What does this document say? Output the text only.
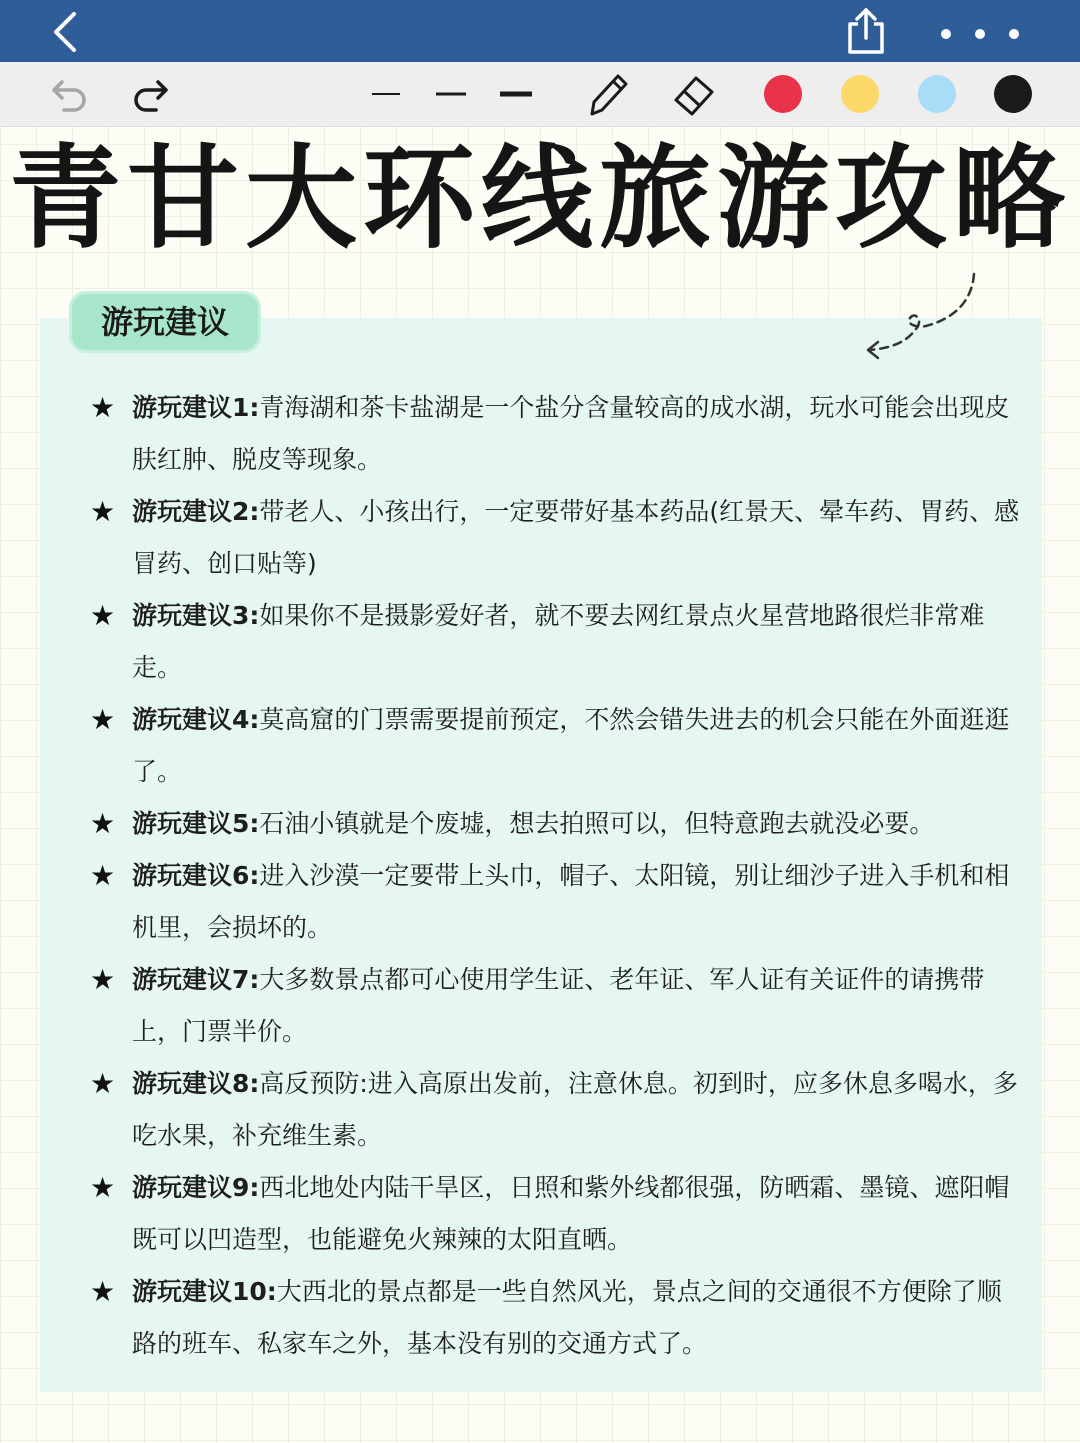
青甘大环线旅游攻略
游玩建议
★ 游玩建议1:青海湖和茶卡盐湖是一个盐分含量较高的成水湖，玩水可能会出现皮肤红肿、脱皮等现象。
★ 游玩建议2:带老人、小孩出行，一定要带好基本药品(红景天、晕车药、胃药、感冒药、创口贴等)
★ 游玩建议3:如果你不是摄影爱好者，就不要去网红景点火星营地路很烂非常难走。
★ 游玩建议4:莫高窟的门票需要提前预定，不然会错失进去的机会只能在外面逛逛了。
★ 游玩建议5:石油小镇就是个废墟，想去拍照可以，但特意跑去就没必要。
★ 游玩建议6:进入沙漠一定要带上头巾，帽子、太阳镜，别让细沙子进入手机和相机里，会损坏的。
★ 游玩建议7:大多数景点都可心使用学生证、老年证、军人证有关证件的请携带上，门票半价。
★ 游玩建议8:高反预防:进入高原出发前，注意休息。初到时，应多休息多喝水，多吃水果，补充维生素。
★ 游玩建议9:西北地处内陆干旱区，日照和紫外线都很强，防晒霜、墨镜、遮阳帽既可以凹造型，也能避免火辣辣的太阳直晒。
★ 游玩建议10:大西北的景点都是一些自然风光，景点之间的交通很不方便除了顺路的班车、私家车之外，基本没有别的交通方式了。
